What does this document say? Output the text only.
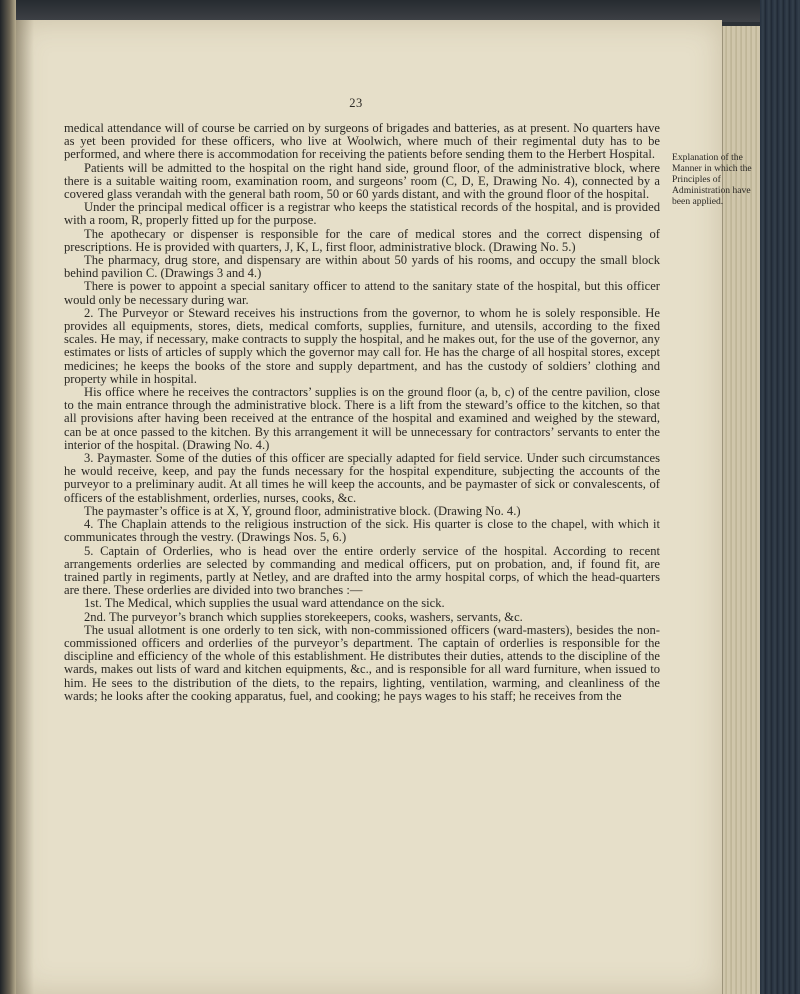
23
Explanation of the Manner in which the Principles of Administration have been applied.

medical attendance will of course be carried on by surgeons of brigades and batteries, as at present. No quarters have as yet been provided for these officers, who live at Woolwich, where much of their regimental duty has to be performed, and where there is accommodation for receiving the patients before sending them to the Herbert Hospital.

Patients will be admitted to the hospital on the right hand side, ground floor, of the administrative block, where there is a suitable waiting room, examination room, and surgeons’ room (C, D, E, Drawing No. 4), connected by a covered glass verandah with the general bath room, 50 or 60 yards distant, and with the ground floor of the hospital.

Under the principal medical officer is a registrar who keeps the statistical records of the hospital, and is provided with a room, R, properly fitted up for the purpose.

The apothecary or dispenser is responsible for the care of medical stores and the correct dispensing of prescriptions. He is provided with quarters, J, K, L, first floor, administrative block. (Drawing No. 5.)

The pharmacy, drug store, and dispensary are within about 50 yards of his rooms, and occupy the small block behind pavilion C. (Drawings 3 and 4.)

There is power to appoint a special sanitary officer to attend to the sanitary state of the hospital, but this officer would only be necessary during war.

2. The Purveyor or Steward receives his instructions from the governor, to whom he is solely responsible. He provides all equipments, stores, diets, medical comforts, supplies, furniture, and utensils, according to the fixed scales. He may, if necessary, make contracts to supply the hospital, and he makes out, for the use of the governor, any estimates or lists of articles of supply which the governor may call for. He has the charge of all hospital stores, except medicines; he keeps the books of the store and supply department, and has the custody of soldiers’ clothing and property while in hospital.

His office where he receives the contractors’ supplies is on the ground floor (a, b, c) of the centre pavilion, close to the main entrance through the administrative block. There is a lift from the steward’s office to the kitchen, so that all provisions after having been received at the entrance of the hospital and examined and weighed by the steward, can be at once passed to the kitchen. By this arrangement it will be unnecessary for contractors’ servants to enter the interior of the hospital. (Drawing No. 4.)

3. Paymaster. Some of the duties of this officer are specially adapted for field service. Under such circumstances he would receive, keep, and pay the funds necessary for the hospital expenditure, subjecting the accounts of the purveyor to a preliminary audit. At all times he will keep the accounts, and be paymaster of sick or convalescents, of officers of the establishment, orderlies, nurses, cooks, &c.

The paymaster’s office is at X, Y, ground floor, administrative block. (Drawing No. 4.)

4. The Chaplain attends to the religious instruction of the sick. His quarter is close to the chapel, with which it communicates through the vestry. (Drawings Nos. 5, 6.)

5. Captain of Orderlies, who is head over the entire orderly service of the hospital. According to recent arrangements orderlies are selected by commanding and medical officers, put on probation, and, if found fit, are trained partly in regiments, partly at Netley, and are drafted into the army hospital corps, of which the head-quarters are there. These orderlies are divided into two branches :—

1st. The Medical, which supplies the usual ward attendance on the sick.

2nd. The purveyor’s branch which supplies storekeepers, cooks, washers, servants, &c.

The usual allotment is one orderly to ten sick, with non-commissioned officers (ward-masters), besides the non-commissioned officers and orderlies of the purveyor’s department. The captain of orderlies is responsible for the discipline and efficiency of the whole of this establishment. He distributes their duties, attends to the discipline of the wards, makes out lists of ward and kitchen equipments, &c., and is responsible for all ward furniture, when issued to him. He sees to the distribution of the diets, to the repairs, lighting, ventilation, warming, and cleanliness of the wards; he looks after the cooking apparatus, fuel, and cooking; he pays wages to his staff; he receives from the
